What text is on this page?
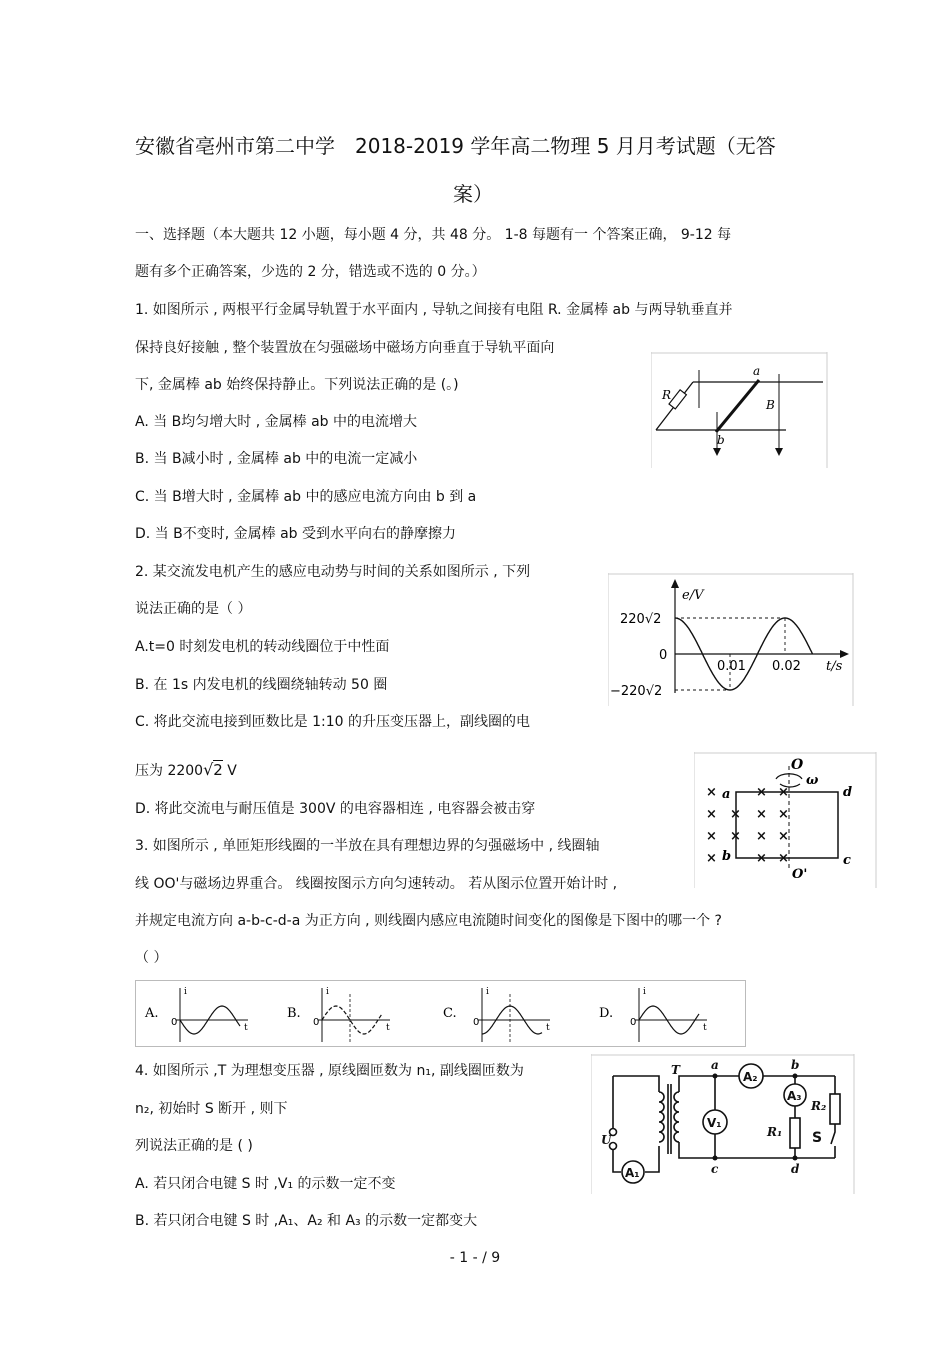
安徽省亳州市第二中学　2018-2019 学年高二物理 5 月月考试题（无答
案）
一、选择题（本大题共 12 小题，每小题 4 分，共 48 分。 1-8 每题有一 个答案正确， 9-12 每
题有多个正确答案，少选的 2 分，错选或不选的 0 分。）
1. 如图所示 , 两根平行金属导轨置于水平面内 , 导轨之间接有电阻 R. 金属棒 ab 与两导轨垂直并
保持良好接触 , 整个装置放在匀强磁场中磁场方向垂直于导轨平面向
下, 金属棒 ab 始终保持静止。下列说法正确的是 (。)
A. 当 B均匀增大时 , 金属棒 ab 中的电流增大
B. 当 B减小时 , 金属棒 ab 中的电流一定减小
C. 当 B增大时 , 金属棒 ab 中的感应电流方向由 b 到 a
D. 当 B不变时, 金属棒 ab 受到水平向右的静摩擦力
a
b
R
B
2. 某交流发电机产生的感应电动势与时间的关系如图所示 , 下列
说法正确的是（ ）
A.t=0 时刻发电机的转动线圈位于中性面
B. 在 1s 内发电机的线圈绕轴转动 50 圈
C. 将此交流电接到匝数比是 1:10 的升压变压器上，副线圈的电
压为 2200√2 V
D. 将此交流电与耐压值是 300V 的电容器相连 , 电容器会被击穿
e/V
220√2
0
−220√2
0.01 0.02 t/s
3. 如图所示 , 单匝矩形线圈的一半放在具有理想边界的匀强磁场中 , 线圈轴
线 OO'与磁场边界重合。 线圈按图示方向匀速转动。 若从图示位置开始计时 ,
并规定电流方向 a-b-c-d-a 为正方向 , 则线圈内感应电流随时间变化的图像是下图中的哪一个 ?
（ ）
×
×
×
×
×
×
×
×
×
×
×
×
×
×
O
ω
a
b
d
c
O'
A.
i
t
0
B.
i
t
0
C.
i
t
0
D.
i
t
0
4. 如图所示 ,T 为理想变压器 , 原线圈匝数为 n₁, 副线圈匝数为
n₂, 初始时 S 断开 , 则下
列说法正确的是 ( )
A. 若只闭合电键 S 时 ,V₁ 的示数一定不变
B. 若只闭合电键 S 时 ,A₁、A₂ 和 A₃ 的示数一定都变大
T
U
A₁
V₁
A₂
A₃
R₁
R₂
S
a	b
c	d
- 1 - / 9
